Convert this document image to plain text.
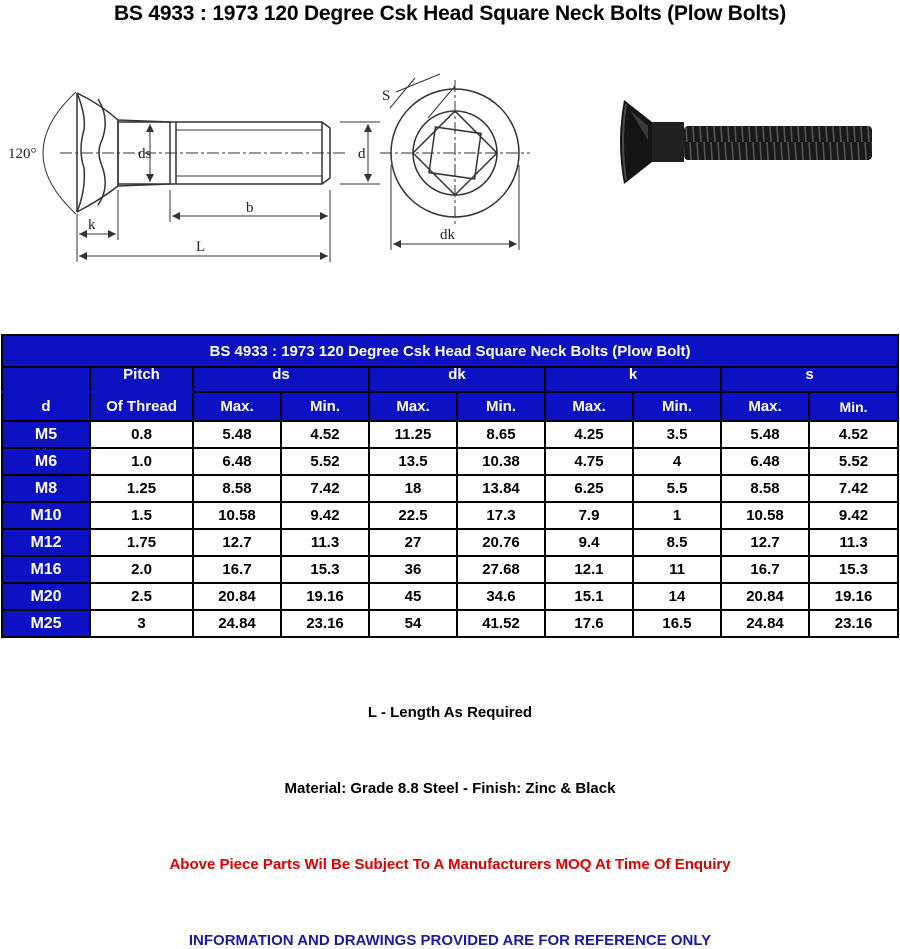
BS 4933 : 1973 120 Degree Csk Head Square Neck Bolts (Plow Bolts)
120°	ds	d
b
k
L
S
dk
BS 4933 : 1973 120 Degree Csk Head Square Neck Bolts (Plow Bolt)									
	Pitch	ds		dk		k		s	
d	Of Thread	Max.	Min.	Max.	Min.	Max.	Min.	Max.	Min.
M5	0.8	5.48	4.52	11.25	8.65	4.25	3.5	5.48	4.52
M6	1.0	6.48	5.52	13.5	10.38	4.75	4	6.48	5.52
M8	1.25	8.58	7.42	18	13.84	6.25	5.5	8.58	7.42
M10	1.5	10.58	9.42	22.5	17.3	7.9	1	10.58	9.42
M12	1.75	12.7	11.3	27	20.76	9.4	8.5	12.7	11.3
M16	2.0	16.7	15.3	36	27.68	12.1	11	16.7	15.3
M20	2.5	20.84	19.16	45	34.6	15.1	14	20.84	19.16
M25	3	24.84	23.16	54	41.52	17.6	16.5	24.84	23.16
L - Length As Required
Material: Grade 8.8 Steel - Finish: Zinc & Black
Above Piece Parts Wil Be Subject To A Manufacturers MOQ At Time Of Enquiry
INFORMATION AND DRAWINGS PROVIDED ARE FOR REFERENCE ONLY
